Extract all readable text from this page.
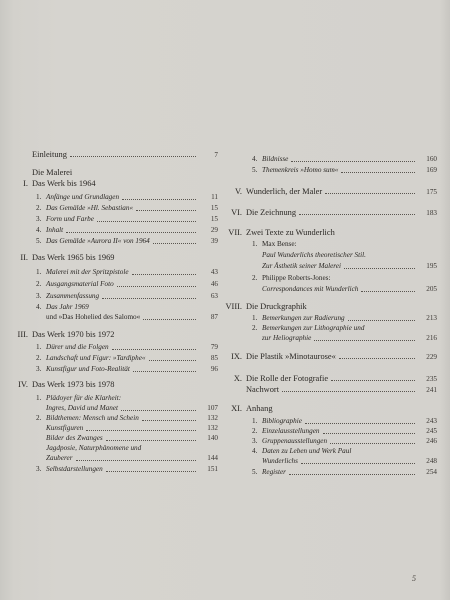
Einleitung	7
Die Malerei
I. Das Werk bis 1964
1. Anfänge und Grundlagen	11
2. Das Gemälde »Hl. Sebastian«	15
3. Form und Farbe	15
4. Inhalt	29
5. Das Gemälde »Aurora II« von 1964	39
II. Das Werk 1965 bis 1969
1. Malerei mit der Spritzpistole	43
2. Ausgangsmaterial Foto	46
3. Zusammenfassung	63
4. Das Jahr 1969
und »Das Hohelied des Salomo«	87
III. Das Werk 1970 bis 1972
1. Dürer und die Folgen	79
2. Landschaft und Figur: »Tardiphe«	85
3. Kunstfigur und Foto-Realität	96
IV. Das Werk 1973 bis 1978
1. Plädoyer für die Klarheit:
Ingres, David und Manet	107
2. Bildthemen: Mensch und Schein	132
Kunstfiguren	132
Bilder des Zwanges	140
Jagdposie, Naturphänomene und
Zauberer	144
3. Selbstdarstellungen	151
4. Bildnisse	160
5. Themenkreis »Homo sum«	169
V. Wunderlich, der Maler	175
VI. Die Zeichnung	183
VII. Zwei Texte zu Wunderlich
1. Max Bense:
Paul Wunderlichs theoretischer Stil.
Zur Ästhetik seiner Malerei	195
2. Philippe Roberts-Jones:
Correspondances mit Wunderlich	205
VIII. Die Druckgraphik
1. Bemerkungen zur Radierung	213
2. Bemerkungen zur Lithographie und
zur Heliographie	216
IX. Die Plastik »Minotaurose«	229
X. Die Rolle der Fotografie	235
Nachwort	241
XI. Anhang
1. Bibliographie	243
2. Einzelausstellungen	245
3. Gruppenausstellungen	246
4. Daten zu Leben und Werk Paul
Wunderlichs	248
5. Register	254
5
